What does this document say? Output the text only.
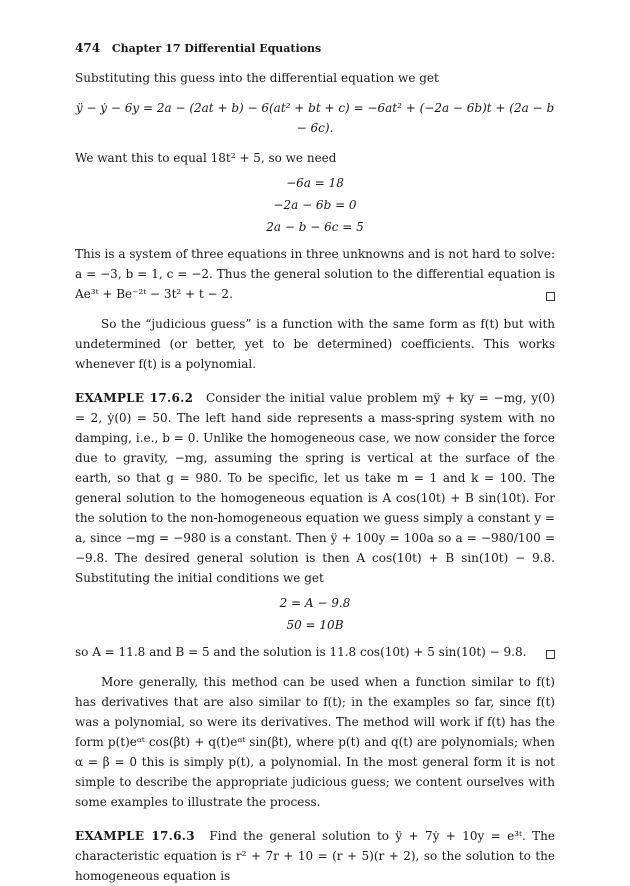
474 Chapter 17 Differential Equations

Substituting this guess into the differential equation we get

ÿ − ẏ − 6y = 2a − (2at + b) − 6(at² + bt + c) = −6at² + (−2a − 6b)t + (2a − b − 6c).

We want this to equal 18t² + 5, so we need

−6a = 18
−2a − 6b = 0
2a − b − 6c = 5

This is a system of three equations in three unknowns and is not hard to solve: a = −3, b = 1, c = −2. Thus the general solution to the differential equation is Ae³ᵗ + Be⁻²ᵗ − 3t² + t − 2.

So the “judicious guess” is a function with the same form as f(t) but with undetermined (or better, yet to be determined) coefficients. This works whenever f(t) is a polynomial.

EXAMPLE 17.6.2 Consider the initial value problem mÿ + ky = −mg, y(0) = 2, ẏ(0) = 50. The left hand side represents a mass-spring system with no damping, i.e., b = 0. Unlike the homogeneous case, we now consider the force due to gravity, −mg, assuming the spring is vertical at the surface of the earth, so that g = 980. To be specific, let us take m = 1 and k = 100. The general solution to the homogeneous equation is A cos(10t) + B sin(10t). For the solution to the non-homogeneous equation we guess simply a constant y = a, since −mg = −980 is a constant. Then ÿ + 100y = 100a so a = −980/100 = −9.8. The desired general solution is then A cos(10t) + B sin(10t) − 9.8. Substituting the initial conditions we get

2 = A − 9.8
50 = 10B

so A = 11.8 and B = 5 and the solution is 11.8 cos(10t) + 5 sin(10t) − 9.8.

More generally, this method can be used when a function similar to f(t) has derivatives that are also similar to f(t); in the examples so far, since f(t) was a polynomial, so were its derivatives. The method will work if f(t) has the form p(t)eᵅᵗ cos(βt) + q(t)eᵅᵗ sin(βt), where p(t) and q(t) are polynomials; when α = β = 0 this is simply p(t), a polynomial. In the most general form it is not simple to describe the appropriate judicious guess; we content ourselves with some examples to illustrate the process.

EXAMPLE 17.6.3 Find the general solution to ÿ + 7ẏ + 10y = e³ᵗ. The characteristic equation is r² + 7r + 10 = (r + 5)(r + 2), so the solution to the homogeneous equation is
